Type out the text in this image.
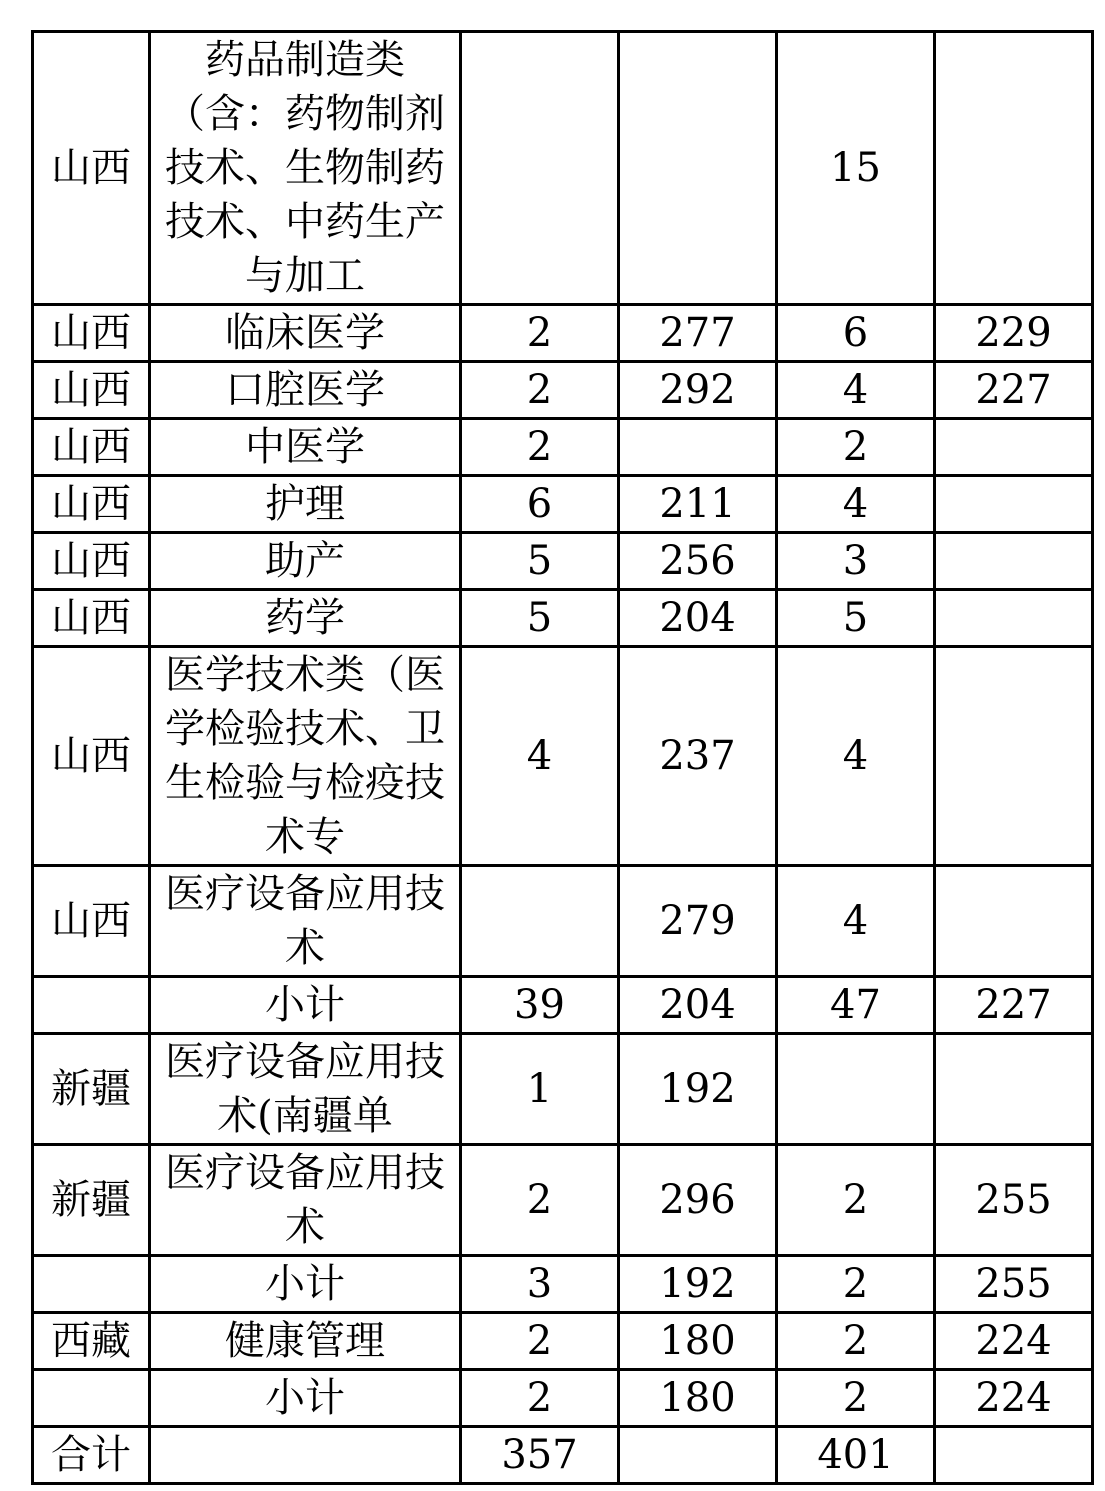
山西	药品制造类（含：药物制剂技术、生物制药技术、中药生产与加工			15	
山西	临床医学	2	277	6	229
山西	口腔医学	2	292	4	227
山西	中医学	2		2	
山西	护理	6	211	4	
山西	助产	5	256	3	
山西	药学	5	204	5	
山西	医学技术类（医学检验技术、卫生检验与检疫技术专	4	237	4	
山西	医疗设备应用技术		279	4	
	小计	39	204	47	227
新疆	医疗设备应用技术(南疆单	1	192		
新疆	医疗设备应用技术	2	296	2	255
	小计	3	192	2	255
西藏	健康管理	2	180	2	224
	小计	2	180	2	224
合计		357		401	
